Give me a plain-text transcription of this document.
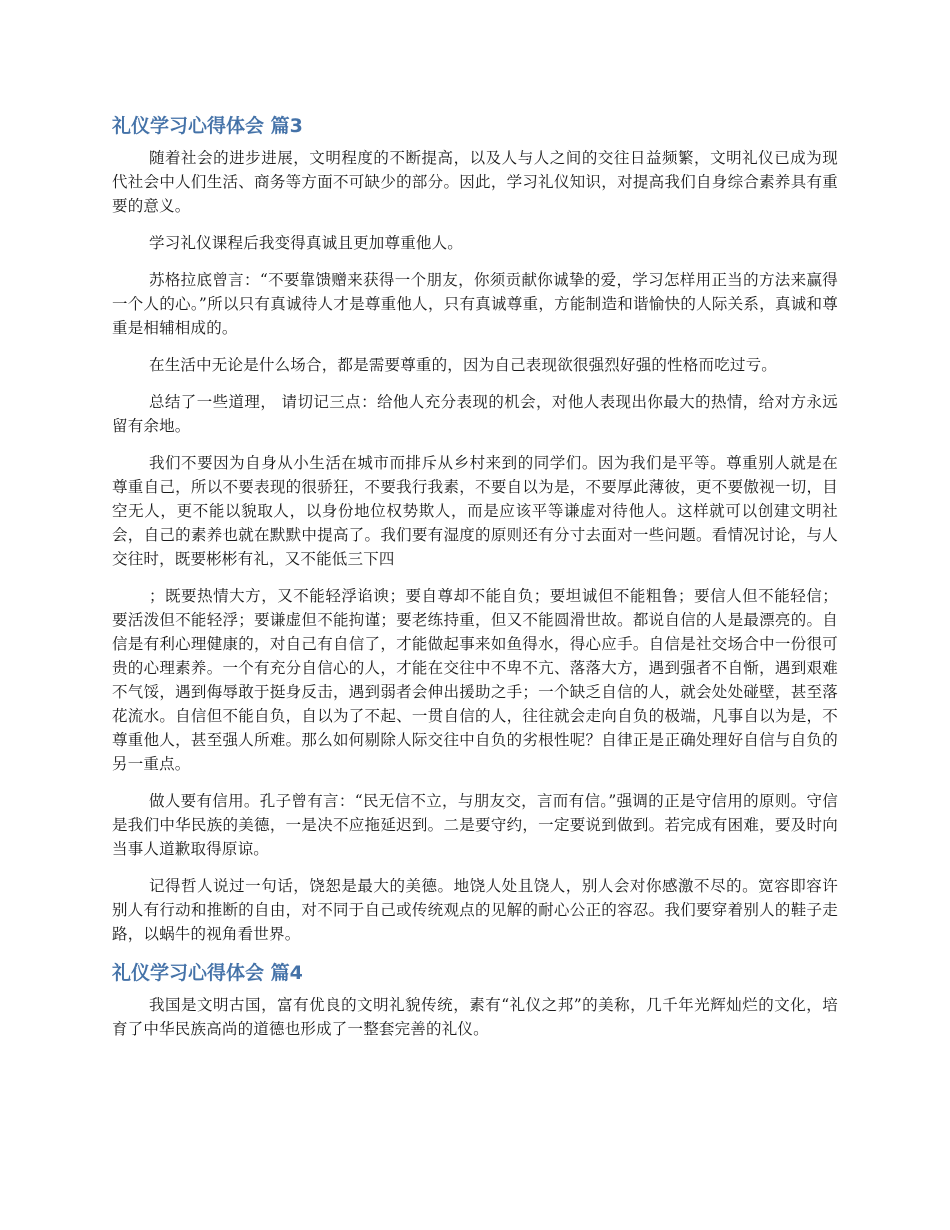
礼仪学习心得体会 篇3

随着社会的进步进展，文明程度的不断提高，以及人与人之间的交往日益频繁，文明礼仪已成为现代社会中人们生活、商务等方面不可缺少的部分。因此，学习礼仪知识，对提高我们自身综合素养具有重要的意义。

学习礼仪课程后我变得真诚且更加尊重他人。

苏格拉底曾言：“不要靠馈赠来获得一个朋友，你须贡献你诚挚的爱，学习怎样用正当的方法来赢得一个人的心。”所以只有真诚待人才是尊重他人，只有真诚尊重，方能制造和谐愉快的人际关系，真诚和尊重是相辅相成的。

在生活中无论是什么场合，都是需要尊重的，因为自己表现欲很强烈好强的性格而吃过亏。

总结了一些道理， 请切记三点：给他人充分表现的机会，对他人表现出你最大的热情，给对方永远留有余地。

我们不要因为自身从小生活在城市而排斥从乡村来到的同学们。因为我们是平等。尊重别人就是在尊重自己，所以不要表现的很骄狂，不要我行我素，不要自以为是，不要厚此薄彼，更不要傲视一切，目空无人，更不能以貌取人，以身份地位权势欺人，而是应该平等谦虚对待他人。这样就可以创建文明社会，自己的素养也就在默默中提高了。我们要有湿度的原则还有分寸去面对一些问题。看情况讨论，与人交往时，既要彬彬有礼，又不能低三下四

；既要热情大方，又不能轻浮谄谀；要自尊却不能自负；要坦诚但不能粗鲁；要信人但不能轻信；要活泼但不能轻浮；要谦虚但不能拘谨；要老练持重，但又不能圆滑世故。都说自信的人是最漂亮的。自信是有利心理健康的，对自己有自信了，才能做起事来如鱼得水，得心应手。自信是社交场合中一份很可贵的心理素养。一个有充分自信心的人，才能在交往中不卑不亢、落落大方，遇到强者不自惭，遇到艰难不气馁，遇到侮辱敢于挺身反击，遇到弱者会伸出援助之手；一个缺乏自信的人，就会处处碰壁，甚至落花流水。自信但不能自负，自以为了不起、一贯自信的人，往往就会走向自负的极端，凡事自以为是，不尊重他人，甚至强人所难。那么如何剔除人际交往中自负的劣根性呢？自律正是正确处理好自信与自负的另一重点。

做人要有信用。孔子曾有言：“民无信不立，与朋友交，言而有信。”强调的正是守信用的原则。守信是我们中华民族的美德，一是决不应拖延迟到。二是要守约，一定要说到做到。若完成有困难，要及时向当事人道歉取得原谅。

记得哲人说过一句话，饶恕是最大的美德。地饶人处且饶人，别人会对你感激不尽的。宽容即容许别人有行动和推断的自由，对不同于自己或传统观点的见解的耐心公正的容忍。我们要穿着别人的鞋子走路，以蜗牛的视角看世界。

礼仪学习心得体会 篇4

我国是文明古国，富有优良的文明礼貌传统，素有“礼仪之邦”的美称，几千年光辉灿烂的文化，培育了中华民族高尚的道德也形成了一整套完善的礼仪。
